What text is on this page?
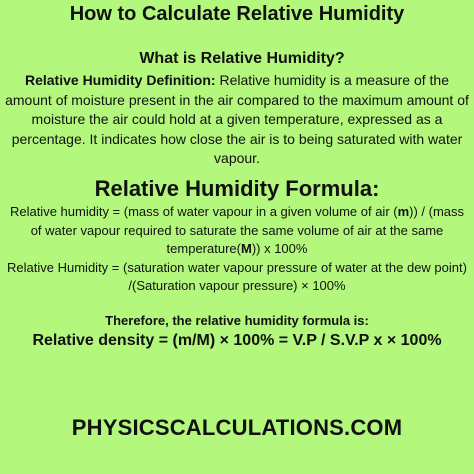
How to Calculate Relative Humidity
What is Relative Humidity?
Relative Humidity Definition: Relative humidity is a measure of the amount of moisture present in the air compared to the maximum amount of moisture the air could hold at a given temperature, expressed as a percentage. It indicates how close the air is to being saturated with water vapour.
Relative Humidity Formula:
Relative humidity = (mass of water vapour in a given volume of air (m)) / (mass of water vapour required to saturate the same volume of air at the same temperature(M)) x 100%
Relative Humidity = (saturation water vapour pressure of water at the dew point) /(Saturation vapour pressure) × 100%
Therefore, the relative humidity formula is:
Relative density = (m/M) × 100% = V.P / S.V.P x × 100%
PHYSICSCALCULATIONS.COM
